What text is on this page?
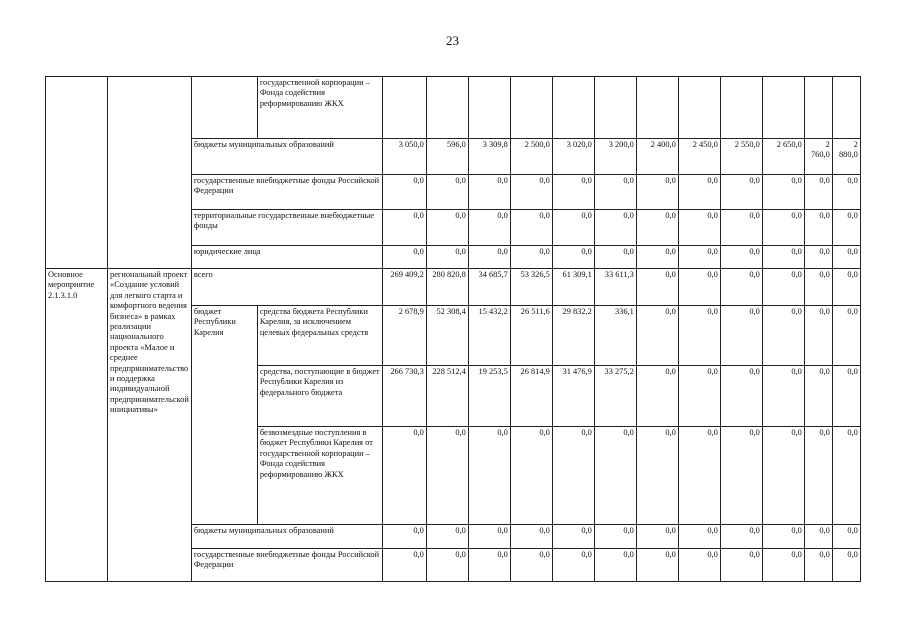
23
			государственной корпорации – Фонда содействия реформированию ЖКХ												
		бюджеты муниципальных образований		3 050,0	596,0	3 309,8	2 500,0	3 020,0	3 200,0	2 400,0	2 450,0	2 550,0	2 650,0	2 760,0	2 880,0
		государственные внебюджетные фонды Российской Федерации		0,0	0,0	0,0	0,0	0,0	0,0	0,0	0,0	0,0	0,0	0,0	0,0
		территориальные государственные внебюджетные фонды		0,0	0,0	0,0	0,0	0,0	0,0	0,0	0,0	0,0	0,0	0,0	0,0
		юридические лица		0,0	0,0	0,0	0,0	0,0	0,0	0,0	0,0	0,0	0,0	0,0	0,0
Основное мероприятие 2.1.3.1.0	региональный проект «Создание условий для легкого старта и комфортного ведения бизнеса» в рамках реализации национального проекта «Малое и среднее предпринимательство и поддержка индивидуальной предпринимательской инициативы»	всего		269 409,2	280 820,8	34 685,7	53 326,5	61 309,1	33 611,3	0,0	0,0	0,0	0,0	0,0	0,0
		бюджет Республики Карелия	средства бюджета Республики Карелия, за исключением целевых федеральных средств	2 678,9	52 308,4	15 432,2	26 511,6	29 832,2	336,1	0,0	0,0	0,0	0,0	0,0	0,0
			средства, поступающие в бюджет Республики Карелия из федерального бюджета	266 730,3	228 512,4	19 253,5	26 814,9	31 476,9	33 275,2	0,0	0,0	0,0	0,0	0,0	0,0
			безвозмездные поступления в бюджет Республики Карелия от государственной корпорации – Фонда содействия реформированию ЖКХ	0,0	0,0	0,0	0,0	0,0	0,0	0,0	0,0	0,0	0,0	0,0	0,0
		бюджеты муниципальных образований		0,0	0,0	0,0	0,0	0,0	0,0	0,0	0,0	0,0	0,0	0,0	0,0
		государственные внебюджетные фонды Российской Федерации		0,0	0,0	0,0	0,0	0,0	0,0	0,0	0,0	0,0	0,0	0,0	0,0
